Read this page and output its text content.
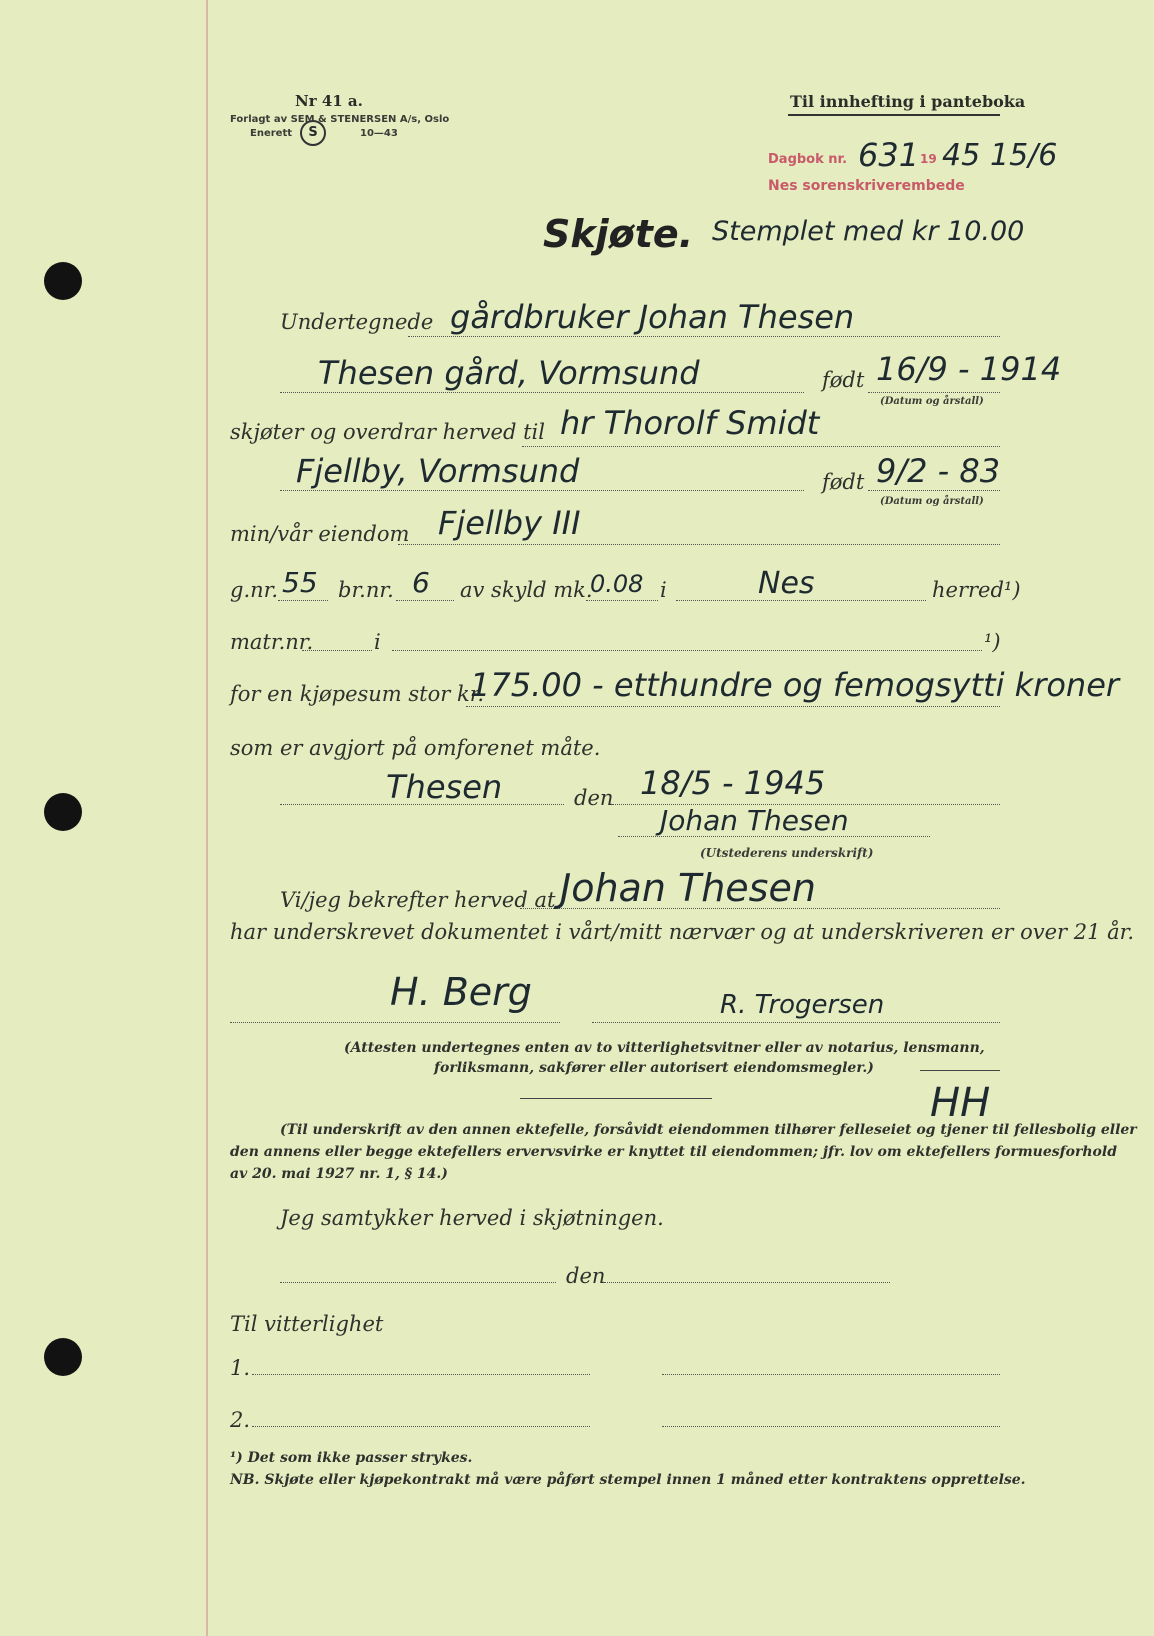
Nr 41 a.
Forlagt av SEM & STENERSEN A/s, Oslo
Enerett	S	10—43
Til innhefting i panteboka
Dagbok nr. 631 19 45 15/6
Nes sorenskriverembede
Skjøte. Stemplet med kr 10.00
Undertegnede gårdbruker Johan Thesen
Thesen gård, Vormsund	født 16/9 - 1914
(Datum og årstall)
skjøter og overdrar herved til hr Thorolf Smidt
Fjellby, Vormsund	født 9/2 - 83
(Datum og årstall)
min/vår eiendom Fjellby III
g.nr. 55 br.nr. 6 av skyld mk.
0.08 i	Nes	herred¹)
matr.nr.	i	¹)
for en kjøpesum stor kr.
175.00 - etthundre og femogsytti kroner
som er avgjort på omforenet måte.
Thesen	den 18/5 - 1945
Johan Thesen
(Utstederens underskrift)
Vi/jeg bekrefter herved at Johan Thesen
har underskrevet dokumentet i vårt/mitt nærvær og at underskriveren er over 21 år.
H. Berg	R. Trogersen
(Attesten undertegnes enten av to vitterlighetsvitner eller av notarius, lensmann,
forliksmann, sakfører eller autorisert eiendomsmegler.)
HH
(Til underskrift av den annen ektefelle, forsåvidt eiendommen tilhører felleseiet og tjener til fellesbolig eller
den annens eller begge ektefellers ervervsvirke er knyttet til eiendommen; jfr. lov om ektefellers formuesforhold
av 20. mai 1927 nr. 1, § 14.)
Jeg samtykker herved i skjøtningen.
den
Til vitterlighet
1.
2.
¹) Det som ikke passer strykes.
NB. Skjøte eller kjøpekontrakt må være påført stempel innen 1 måned etter kontraktens opprettelse.
